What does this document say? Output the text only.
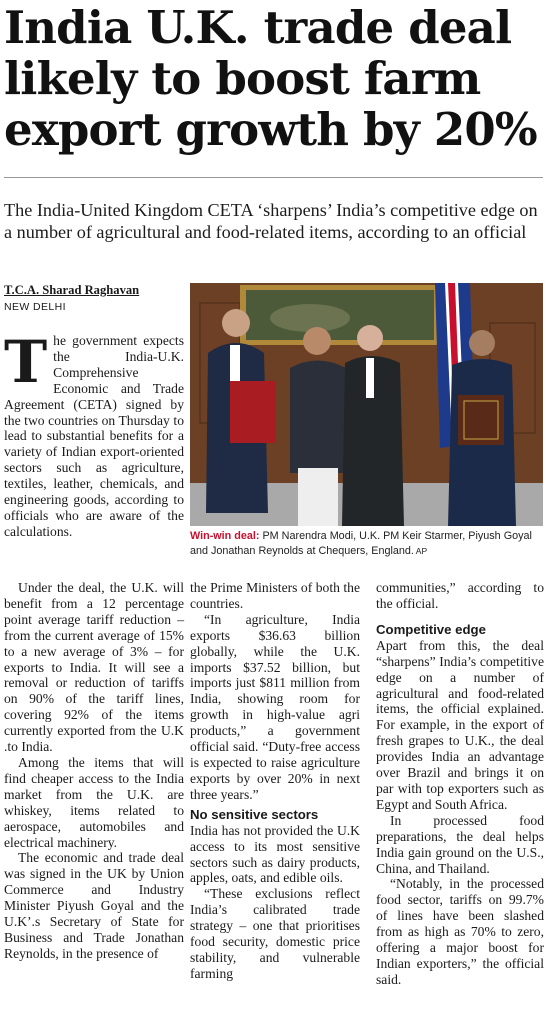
India U.K. trade deal likely to boost farm export growth by 20%

The India-United Kingdom CETA ‘sharpens’ India’s competitive edge on a number of agricultural and food-related items, according to an official

T.C.A. Sharad Raghavan
NEW DELHI
Win-win deal: PM Narendra Modi, U.K. PM Keir Starmer, Piyush Goyal and Jonathan Reynolds at Chequers, England. AP

The government expects the India-U.K. Comprehensive Economic and Trade Agreement (CETA) signed by the two countries on Thursday to lead to substantial benefits for a variety of Indian export-oriented sectors such as agriculture, textiles, leather, chemicals, and engineering goods, according to officials who are aware of the calculations.

Under the deal, the U.K. will benefit from a 12 percentage point average tariff reduction – from the current average of 15% to a new average of 3% – for exports to India. It will see a removal or reduction of tariffs on 90% of the tariff lines, covering 92% of the items currently exported from the U.K .to India.

Among the items that will find cheaper access to the India market from the U.K. are whiskey, items related to aerospace, automobiles and electrical machinery.

The economic and trade deal was signed in the UK by Union Commerce and Industry Minister Piyush Goyal and the U.K’.s Secretary of State for Business and Trade Jonathan Reynolds, in the presence of

the Prime Ministers of both the countries.

“In agriculture, India exports $36.63 billion globally, while the U.K. imports $37.52 billion, but imports just $811 million from India, showing room for growth in high-value agri products,” a government official said. “Duty-free access is expected to raise agriculture exports by over 20% in next three years.”

No sensitive sectors

India has not provided the U.K access to its most sensitive sectors such as dairy products, apples, oats, and edible oils.

“These exclusions reflect India’s calibrated trade strategy – one that prioritises food security, domestic price stability, and vulnerable farming

communities,” according to the official.

Competitive edge

Apart from this, the deal “sharpens” India’s competitive edge on a number of agricultural and food-related items, the official explained. For example, in the export of fresh grapes to U.K., the deal provides India an advantage over Brazil and brings it on par with top exporters such as Egypt and South Africa.

In processed food preparations, the deal helps India gain ground on the U.S., China, and Thailand.

“Notably, in the processed food sector, tariffs on 99.7% of lines have been slashed from as high as 70% to zero, offering a major boost for Indian exporters,” the official said.
